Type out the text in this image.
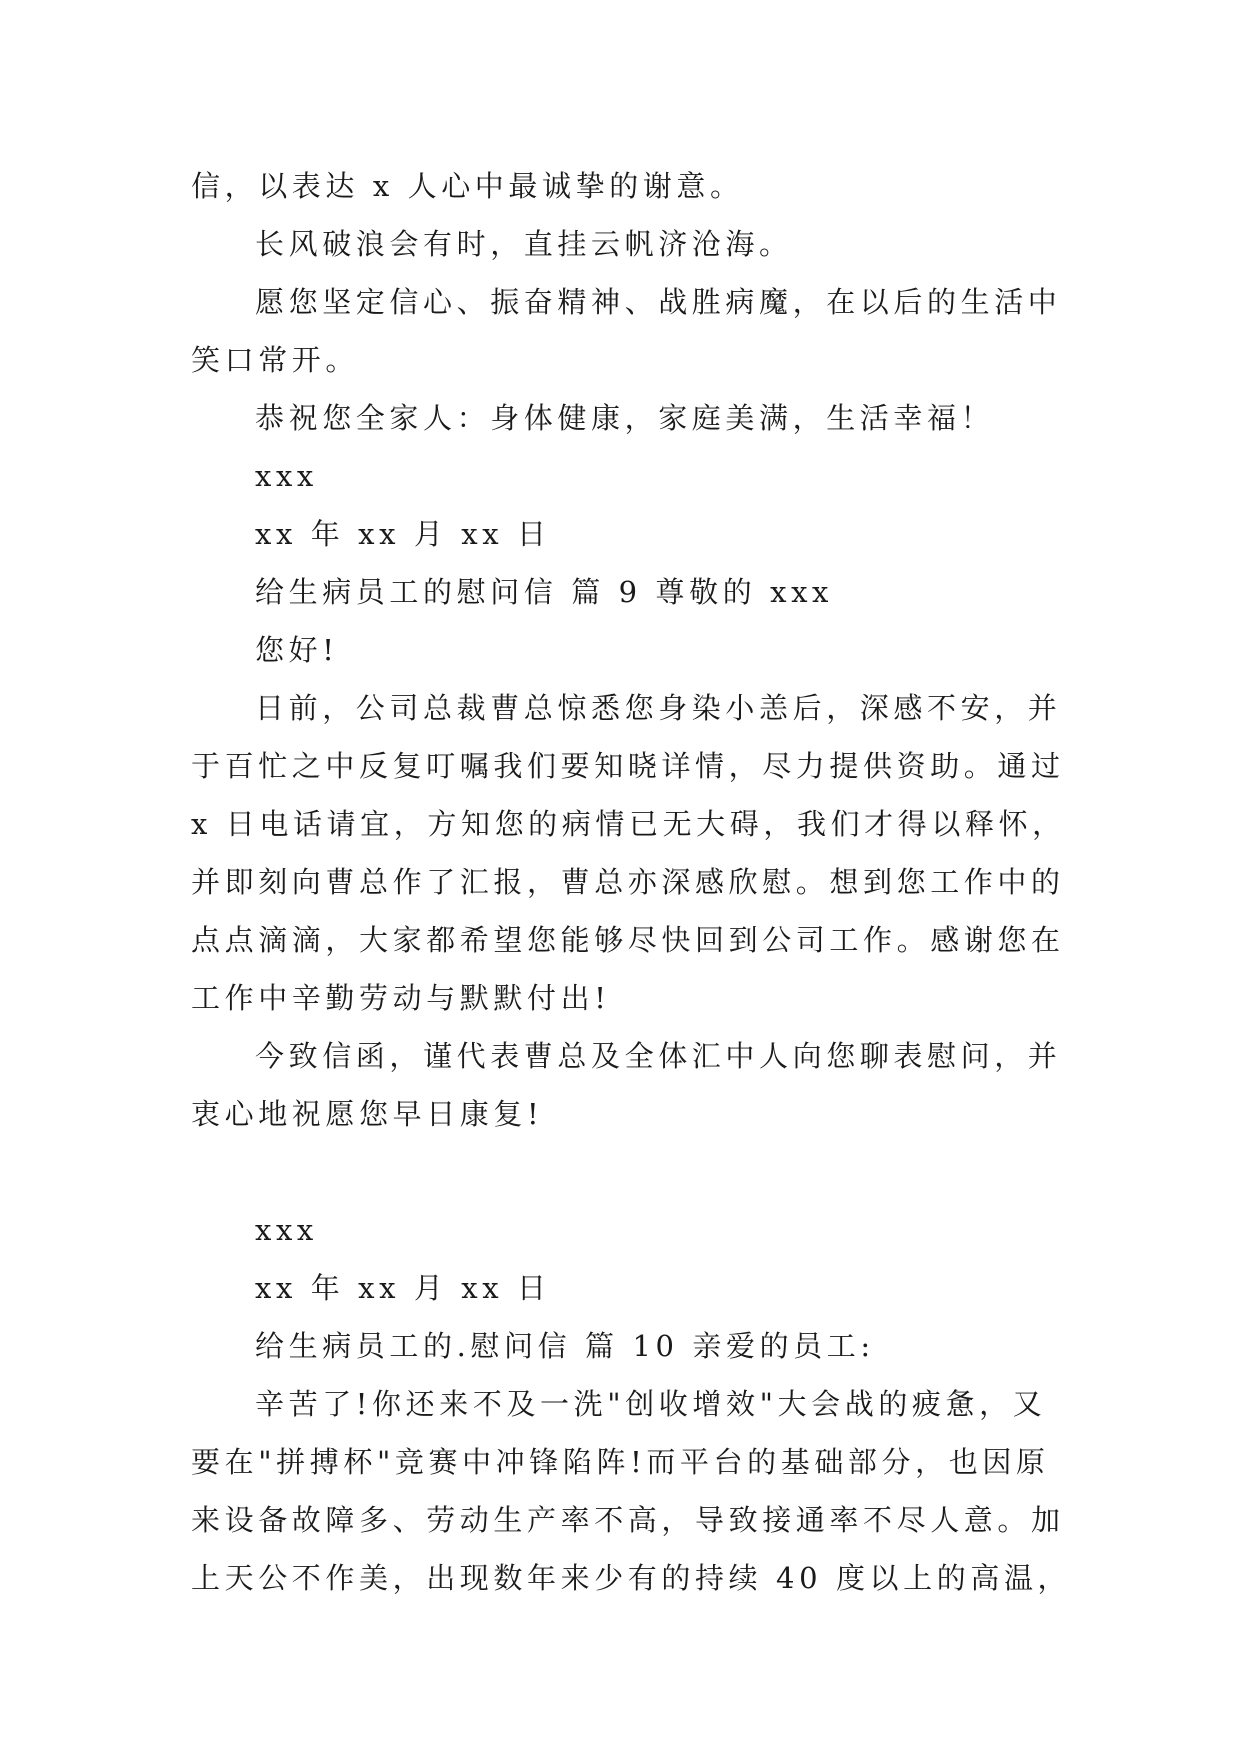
信，以表达 x 人心中最诚挚的谢意。
长风破浪会有时，直挂云帆济沧海。
愿您坚定信心、振奋精神、战胜病魔，在以后的生活中
笑口常开。
恭祝您全家人：身体健康，家庭美满，生活幸福！
xxx
xx 年 xx 月 xx 日
给生病员工的慰问信 篇 9 尊敬的 xxx
您好!
日前，公司总裁曹总惊悉您身染小恙后，深感不安，并
于百忙之中反复叮嘱我们要知晓详情，尽力提供资助。通过
x 日电话请宜，方知您的病情已无大碍，我们才得以释怀，
并即刻向曹总作了汇报，曹总亦深感欣慰。想到您工作中的
点点滴滴，大家都希望您能够尽快回到公司工作。感谢您在
工作中辛勤劳动与默默付出!
今致信函，谨代表曹总及全体汇中人向您聊表慰问，并
衷心地祝愿您早日康复!
xxx
xx 年 xx 月 xx 日
给生病员工的.慰问信 篇 10 亲爱的员工:
辛苦了!你还来不及一洗"创收增效"大会战的疲惫，又
要在"拼搏杯"竞赛中冲锋陷阵!而平台的基础部分，也因原
来设备故障多、劳动生产率不高，导致接通率不尽人意。加
上天公不作美，出现数年来少有的持续 40 度以上的高温，
